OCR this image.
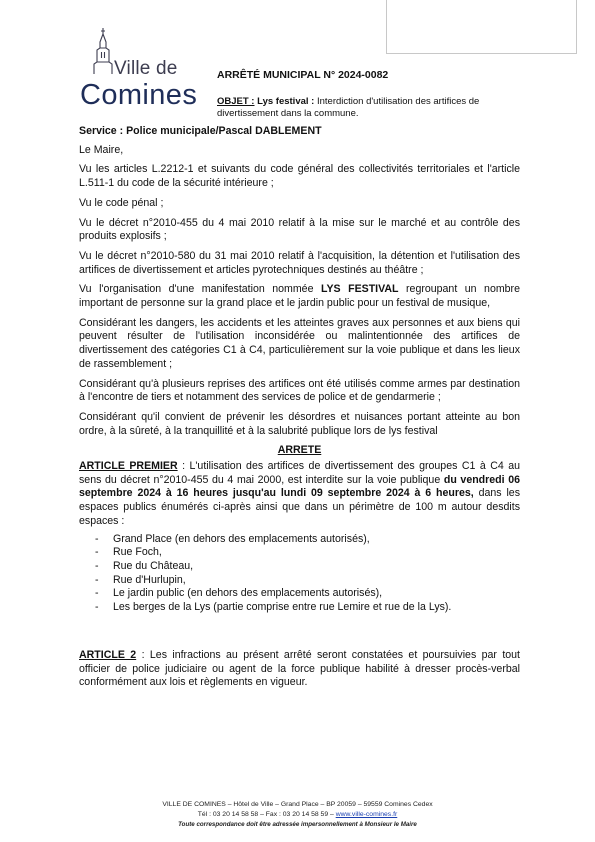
Ville de
Comines
ARRÊTÉ MUNICIPAL N° 2024-0082
OBJET : Lys festival : Interdiction d'utilisation des artifices de divertissement dans la commune.

Service : Police municipale/Pascal DABLEMENT

Le Maire,

Vu les articles L.2212-1 et suivants du code général des collectivités territoriales et l'article L.511-1 du code de la sécurité intérieure ;

Vu le code pénal ;

Vu le décret n°2010-455 du 4 mai 2010 relatif à la mise sur le marché et au contrôle des produits explosifs ;

Vu le décret n°2010-580 du 31 mai 2010 relatif à l'acquisition, la détention et l'utilisation des artifices de divertissement et articles pyrotechniques destinés au théâtre ;

Vu l'organisation d'une manifestation nommée LYS FESTIVAL regroupant un nombre important de personne sur la grand place et le jardin public pour un festival de musique,

Considérant les dangers, les accidents et les atteintes graves aux personnes et aux biens qui peuvent résulter de l'utilisation inconsidérée ou malintentionnée des artifices de divertissement des catégories C1 à C4, particulièrement sur la voie publique et dans les lieux de rassemblement ;

Considérant qu'à plusieurs reprises des artifices ont été utilisés comme armes par destination à l'encontre de tiers et notamment des services de police et de gendarmerie ;

Considérant qu'il convient de prévenir les désordres et nuisances portant atteinte au bon ordre, à la sûreté, à la tranquillité et à la salubrité publique lors de lys festival

ARRETE

ARTICLE PREMIER : L'utilisation des artifices de divertissement des groupes C1 à C4 au sens du décret n°2010-455 du 4 mai 2000, est interdite sur la voie publique du vendredi 06 septembre 2024 à 16 heures jusqu'au lundi 09 septembre 2024 à 6 heures, dans les espaces publics énumérés ci-après ainsi que dans un périmètre de 100 m autour desdits espaces :

- Grand Place (en dehors des emplacements autorisés),
- Rue Foch,
- Rue du Château,
- Rue d'Hurlupin,
- Le jardin public (en dehors des emplacements autorisés),
- Les berges de la Lys (partie comprise entre rue Lemire et rue de la Lys).

ARTICLE 2 : Les infractions au présent arrêté seront constatées et poursuivies par tout officier de police judiciaire ou agent de la force publique habilité à dresser procès-verbal conformément aux lois et règlements en vigueur.

VILLE DE COMINES – Hôtel de Ville – Grand Place – BP 20059 – 59559 Comines Cedex
Tél : 03 20 14 58 58 – Fax : 03 20 14 58 59 – www.ville-comines.fr
Toute correspondance doit être adressée impersonnellement à Monsieur le Maire
